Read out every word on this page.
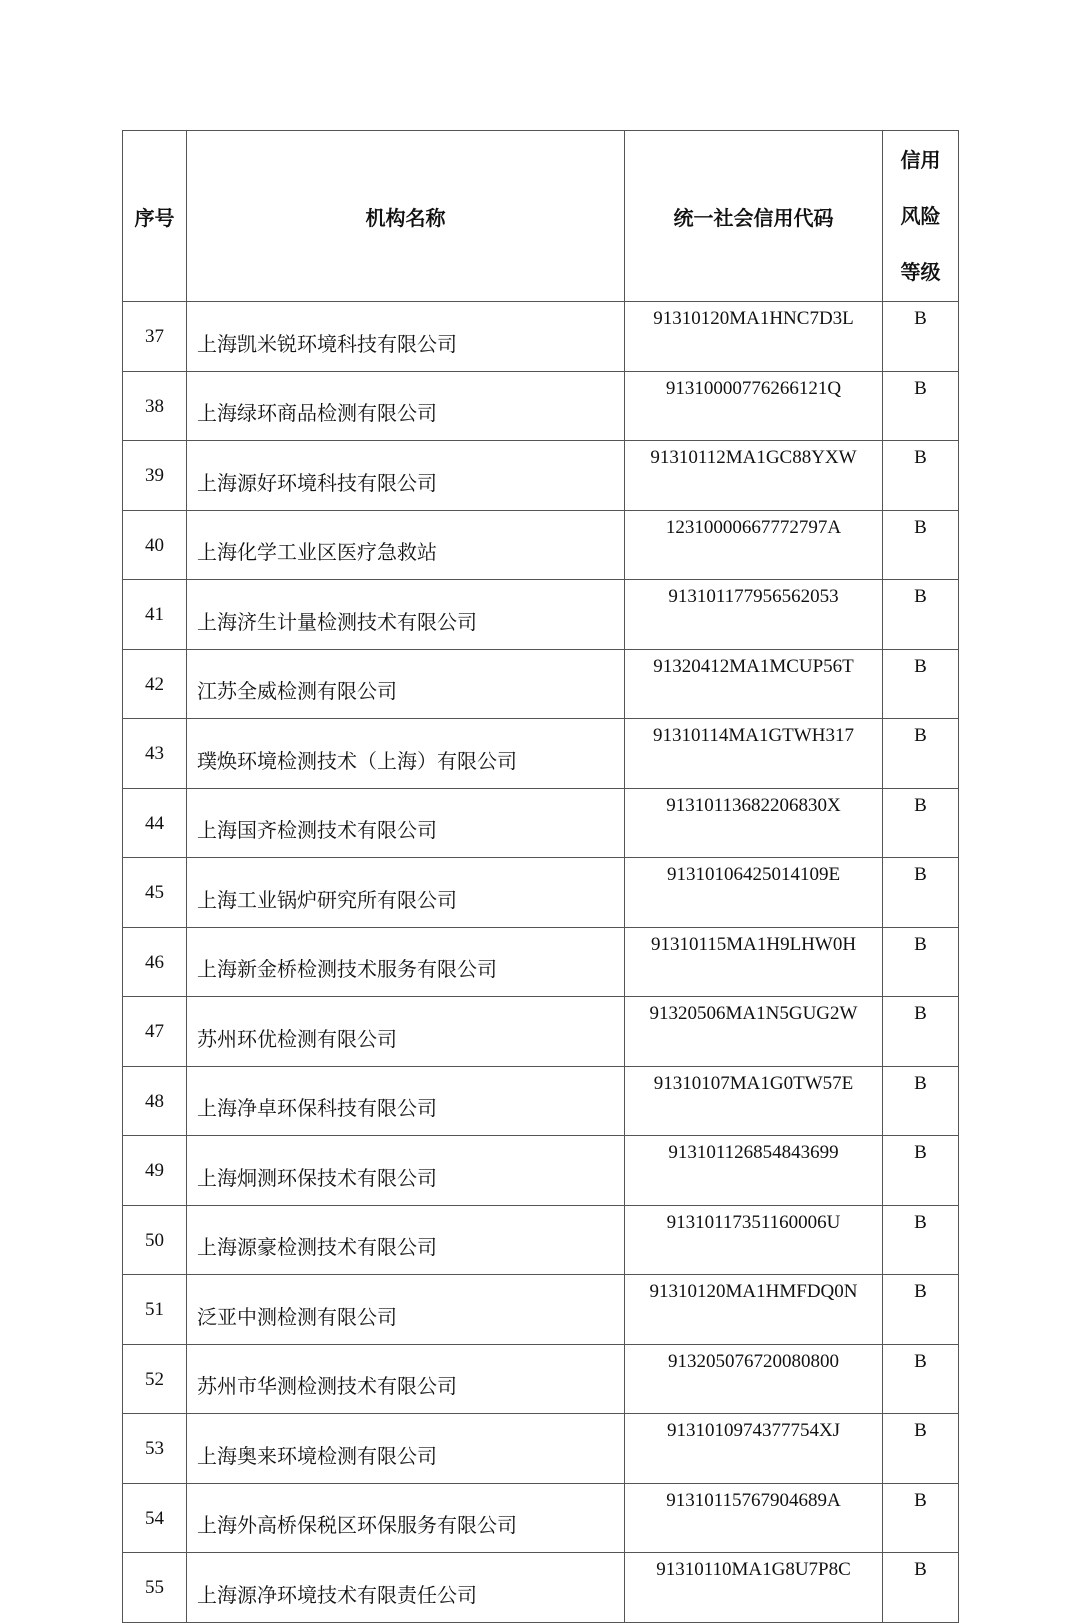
序号	机构名称	统一社会信用代码	信用
风险
等级

37	上海凯米锐环境科技有限公司	91310120MA1HNC7D3L	B
38	上海绿环商品检测有限公司	91310000776266121Q	B
39	上海源好环境科技有限公司	91310112MA1GC88YXW	B
40	上海化学工业区医疗急救站	12310000667772797A	B
41	上海济生计量检测技术有限公司	913101177956562053	B
42	江苏全威检测有限公司	91320412MA1MCUP56T	B
43	璞焕环境检测技术（上海）有限公司	91310114MA1GTWH317	B
44	上海国齐检测技术有限公司	91310113682206830X	B
45	上海工业锅炉研究所有限公司	91310106425014109E	B
46	上海新金桥检测技术服务有限公司	91310115MA1H9LHW0H	B
47	苏州环优检测有限公司	91320506MA1N5GUG2W	B
48	上海净卓环保科技有限公司	91310107MA1G0TW57E	B
49	上海炯测环保技术有限公司	913101126854843699	B
50	上海源豪检测技术有限公司	91310117351160006U	B
51	泛亚中测检测有限公司	91310120MA1HMFDQ0N	B
52	苏州市华测检测技术有限公司	913205076720080800	B
53	上海奥来环境检测有限公司	9131010974377754XJ	B
54	上海外高桥保税区环保服务有限公司	91310115767904689A	B
55	上海源净环境技术有限责任公司	91310110MA1G8U7P8C	B
